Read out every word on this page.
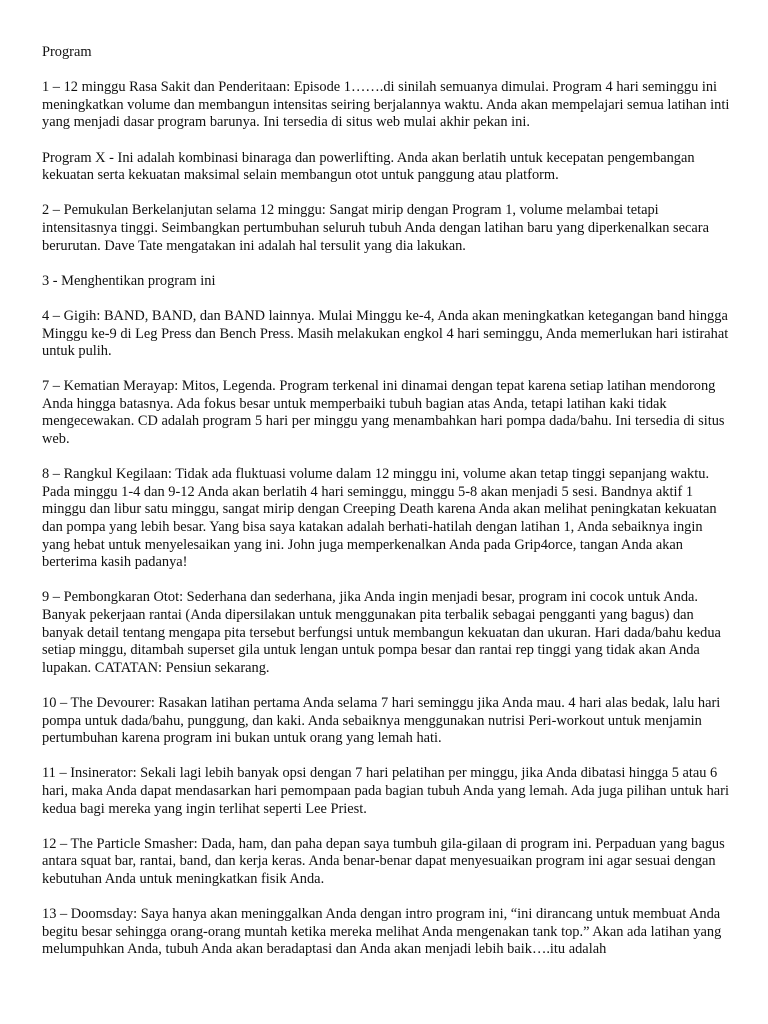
Program

1 – 12 minggu Rasa Sakit dan Penderitaan: Episode 1…….di sinilah semuanya dimulai. Program 4 hari seminggu ini meningkatkan volume dan membangun intensitas seiring berjalannya waktu. Anda akan mempelajari semua latihan inti yang menjadi dasar program barunya. Ini tersedia di situs web mulai akhir pekan ini.

Program X - Ini adalah kombinasi binaraga dan powerlifting. Anda akan berlatih untuk kecepatan pengembangan kekuatan serta kekuatan maksimal selain membangun otot untuk panggung atau platform.

2 – Pemukulan Berkelanjutan selama 12 minggu: Sangat mirip dengan Program 1, volume melambai tetapi intensitasnya tinggi. Seimbangkan pertumbuhan seluruh tubuh Anda dengan latihan baru yang diperkenalkan secara berurutan. Dave Tate mengatakan ini adalah hal tersulit yang dia lakukan.

3 - Menghentikan program ini

4 – Gigih: BAND, BAND, dan BAND lainnya. Mulai Minggu ke-4, Anda akan meningkatkan ketegangan band hingga Minggu ke-9 di Leg Press dan Bench Press. Masih melakukan engkol 4 hari seminggu, Anda memerlukan hari istirahat untuk pulih.

7 – Kematian Merayap: Mitos, Legenda. Program terkenal ini dinamai dengan tepat karena setiap latihan mendorong Anda hingga batasnya. Ada fokus besar untuk memperbaiki tubuh bagian atas Anda, tetapi latihan kaki tidak mengecewakan. CD adalah program 5 hari per minggu yang menambahkan hari pompa dada/bahu. Ini tersedia di situs web.

8 – Rangkul Kegilaan: Tidak ada fluktuasi volume dalam 12 minggu ini, volume akan tetap tinggi sepanjang waktu. Pada minggu 1-4 dan 9-12 Anda akan berlatih 4 hari seminggu, minggu 5-8 akan menjadi 5 sesi. Bandnya aktif 1 minggu dan libur satu minggu, sangat mirip dengan Creeping Death karena Anda akan melihat peningkatan kekuatan dan pompa yang lebih besar. Yang bisa saya katakan adalah berhati-hatilah dengan latihan 1, Anda sebaiknya ingin yang hebat untuk menyelesaikan yang ini. John juga memperkenalkan Anda pada Grip4orce, tangan Anda akan berterima kasih padanya!

9 – Pembongkaran Otot: Sederhana dan sederhana, jika Anda ingin menjadi besar, program ini cocok untuk Anda. Banyak pekerjaan rantai (Anda dipersilakan untuk menggunakan pita terbalik sebagai pengganti yang bagus) dan banyak detail tentang mengapa pita tersebut berfungsi untuk membangun kekuatan dan ukuran. Hari dada/bahu kedua setiap minggu, ditambah superset gila untuk lengan untuk pompa besar dan rantai rep tinggi yang tidak akan Anda lupakan. CATATAN: Pensiun sekarang.

10 – The Devourer: Rasakan latihan pertama Anda selama 7 hari seminggu jika Anda mau. 4 hari alas bedak, lalu hari pompa untuk dada/bahu, punggung, dan kaki. Anda sebaiknya menggunakan nutrisi Peri-workout untuk menjamin pertumbuhan karena program ini bukan untuk orang yang lemah hati.

11 – Insinerator: Sekali lagi lebih banyak opsi dengan 7 hari pelatihan per minggu, jika Anda dibatasi hingga 5 atau 6 hari, maka Anda dapat mendasarkan hari pemompaan pada bagian tubuh Anda yang lemah. Ada juga pilihan untuk hari kedua bagi mereka yang ingin terlihat seperti Lee Priest.

12 – The Particle Smasher: Dada, ham, dan paha depan saya tumbuh gila-gilaan di program ini. Perpaduan yang bagus antara squat bar, rantai, band, dan kerja keras. Anda benar-benar dapat menyesuaikan program ini agar sesuai dengan kebutuhan Anda untuk meningkatkan fisik Anda.

13 – Doomsday: Saya hanya akan meninggalkan Anda dengan intro program ini, “ini dirancang untuk membuat Anda begitu besar sehingga orang-orang muntah ketika mereka melihat Anda mengenakan tank top.” Akan ada latihan yang melumpuhkan Anda, tubuh Anda akan beradaptasi dan Anda akan menjadi lebih baik….itu adalah
